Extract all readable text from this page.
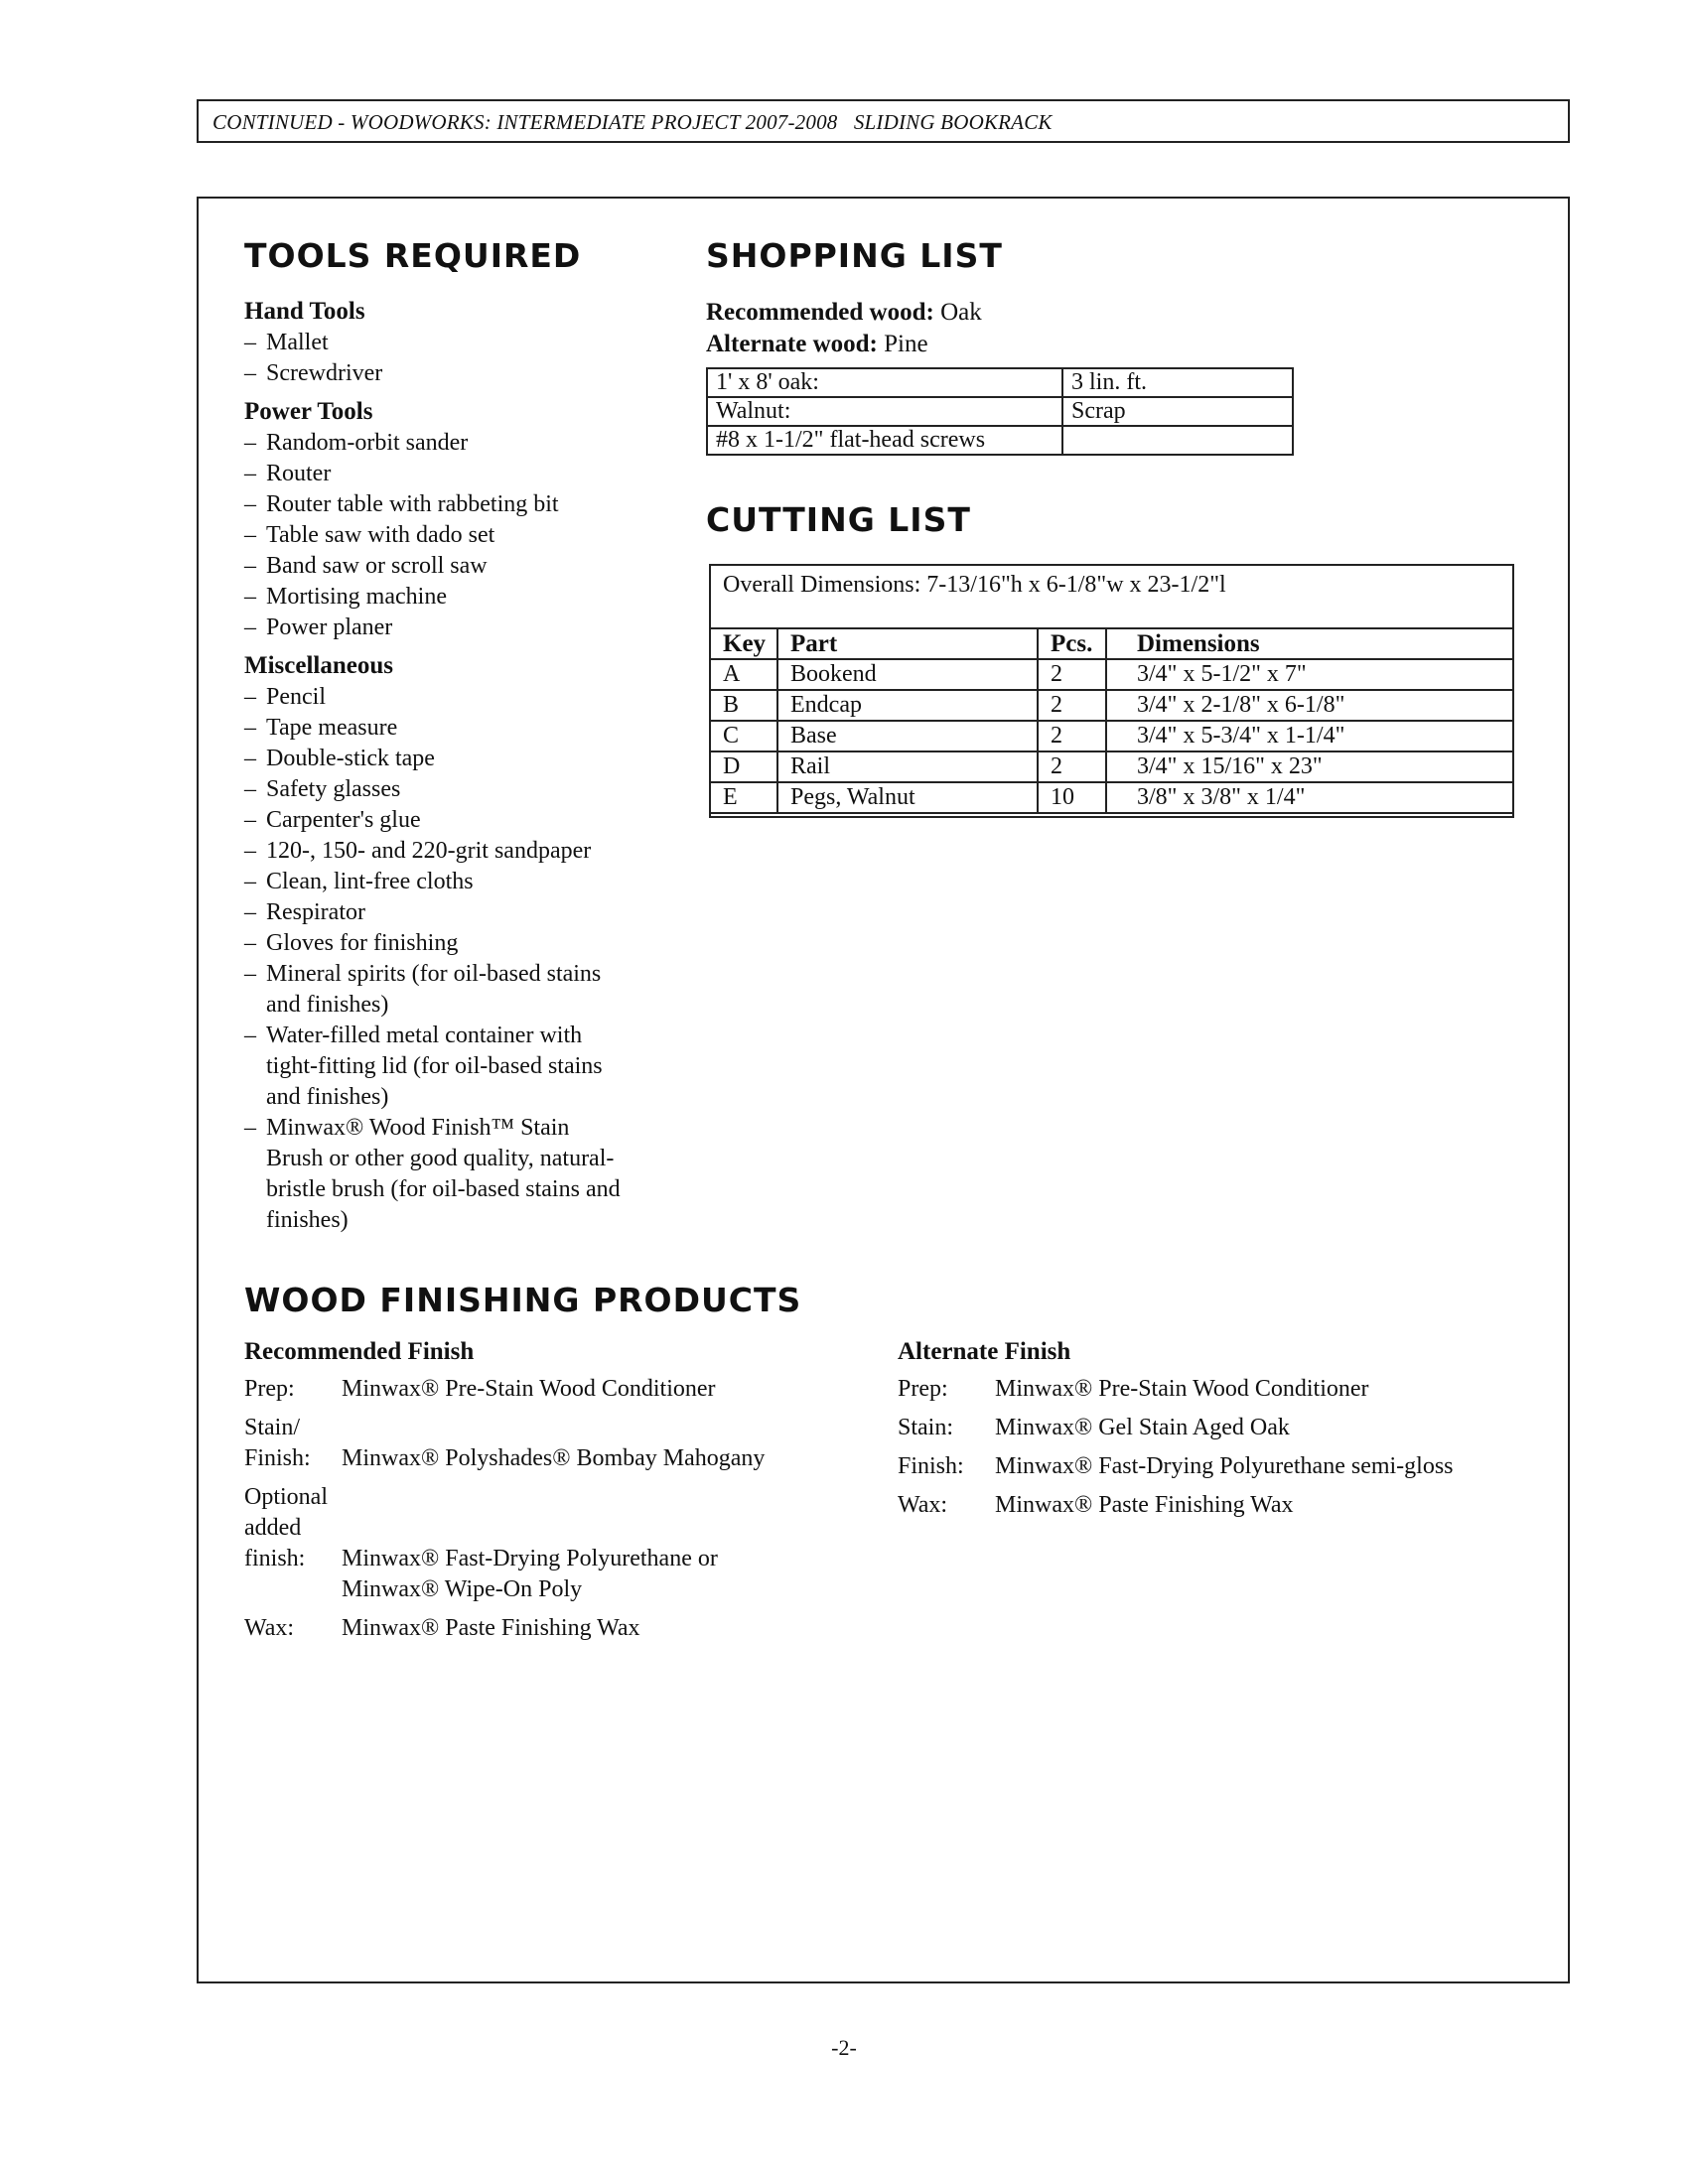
CONTINUED - WOODWORKS: INTERMEDIATE PROJECT 2007-2008   SLIDING BOOKRACK
TOOLS REQUIRED
Hand Tools
– Mallet
– Screwdriver
Power Tools
– Random-orbit sander
– Router
– Router table with rabbeting bit
– Table saw with dado set
– Band saw or scroll saw
– Mortising machine
– Power planer
Miscellaneous
– Pencil
– Tape measure
– Double-stick tape
– Safety glasses
– Carpenter's glue
– 120-, 150- and 220-grit sandpaper
– Clean, lint-free cloths
– Respirator
– Gloves for finishing
– Mineral spirits (for oil-based stains and finishes)
– Water-filled metal container with tight-fitting lid (for oil-based stains and finishes)
– Minwax® Wood Finish™ Stain Brush or other good quality, natural-bristle brush (for oil-based stains and finishes)
SHOPPING LIST
Recommended wood: Oak
Alternate wood: Pine
1' x 8' oak:	3 lin. ft.
Walnut:	Scrap
#8 x 1-1/2" flat-head screws	
CUTTING LIST
Overall Dimensions: 7-13/16"h x 6-1/8"w x 23-1/2"l
Key	Part	Pcs.	Dimensions
A	Bookend	2	3/4" x 5-1/2" x 7"
B	Endcap	2	3/4" x 2-1/8" x 6-1/8"
C	Base	2	3/4" x 5-3/4" x 1-1/4"
D	Rail	2	3/4" x 15/16" x 23"
E	Pegs, Walnut	10	3/8" x 3/8" x 1/4"
WOOD FINISHING PRODUCTS
Recommended Finish
Prep:	Minwax® Pre-Stain Wood Conditioner
Stain/ Finish: Minwax® Polyshades® Bombay Mahogany
Optional added finish:	Minwax® Fast-Drying Polyurethane or Minwax® Wipe-On Poly
Wax:	Minwax® Paste Finishing Wax
Alternate Finish
Prep:	Minwax® Pre-Stain Wood Conditioner
Stain:	Minwax® Gel Stain Aged Oak
Finish:	Minwax® Fast-Drying Polyurethane semi-gloss
Wax:	Minwax® Paste Finishing Wax
-2-
